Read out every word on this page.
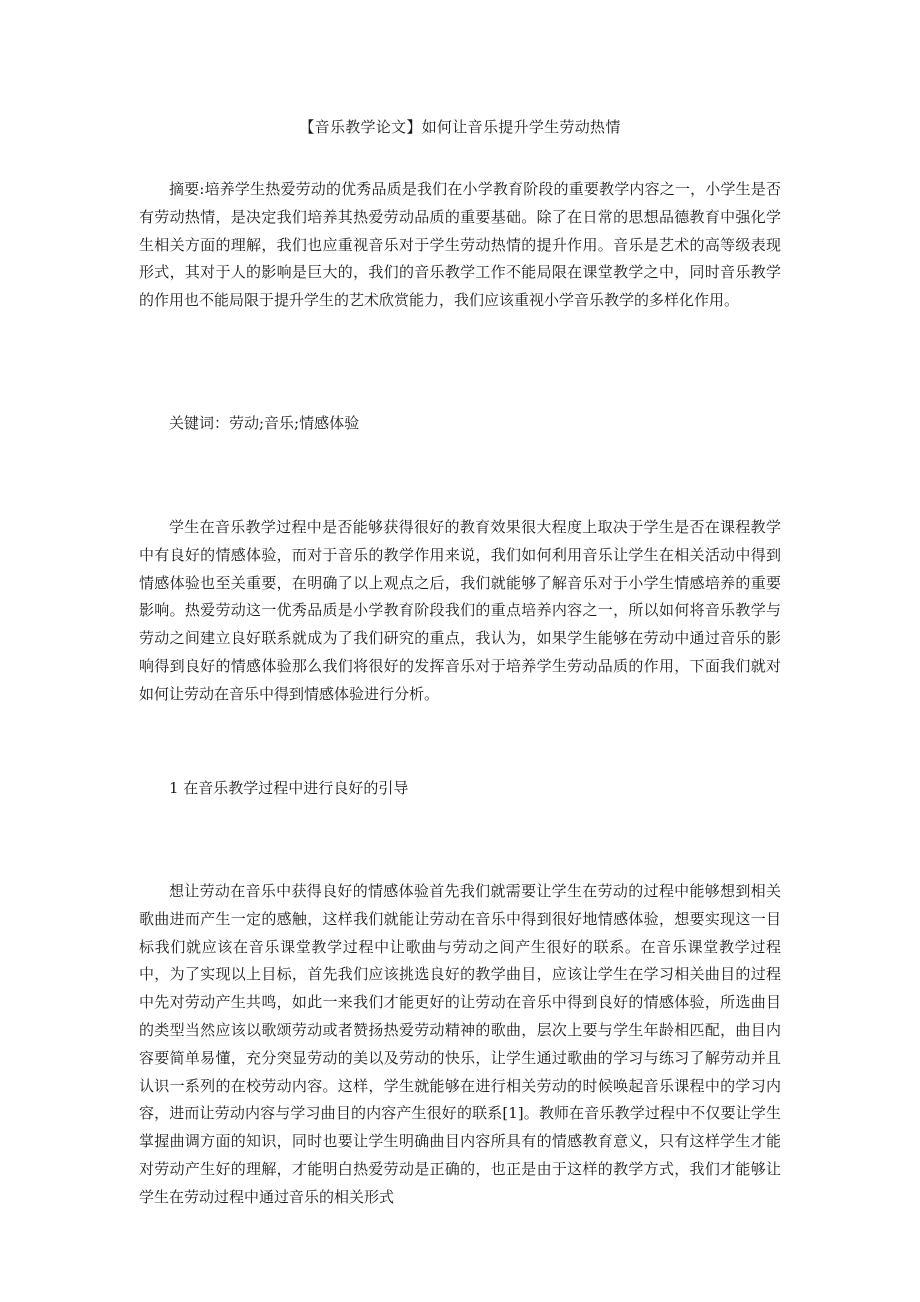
【音乐教学论文】如何让音乐提升学生劳动热情

摘要:培养学生热爱劳动的优秀品质是我们在小学教育阶段的重要教学内容之一，小学生是否有劳动热情，是决定我们培养其热爱劳动品质的重要基础。除了在日常的思想品德教育中强化学生相关方面的理解，我们也应重视音乐对于学生劳动热情的提升作用。音乐是艺术的高等级表现形式，其对于人的影响是巨大的，我们的音乐教学工作不能局限在课堂教学之中，同时音乐教学的作用也不能局限于提升学生的艺术欣赏能力，我们应该重视小学音乐教学的多样化作用。

关键词：劳动;音乐;情感体验

学生在音乐教学过程中是否能够获得很好的教育效果很大程度上取决于学生是否在课程教学中有良好的情感体验，而对于音乐的教学作用来说，我们如何利用音乐让学生在相关活动中得到情感体验也至关重要，在明确了以上观点之后，我们就能够了解音乐对于小学生情感培养的重要影响。热爱劳动这一优秀品质是小学教育阶段我们的重点培养内容之一，所以如何将音乐教学与劳动之间建立良好联系就成为了我们研究的重点，我认为，如果学生能够在劳动中通过音乐的影响得到良好的情感体验那么我们将很好的发挥音乐对于培养学生劳动品质的作用，下面我们就对如何让劳动在音乐中得到情感体验进行分析。

1 在音乐教学过程中进行良好的引导

想让劳动在音乐中获得良好的情感体验首先我们就需要让学生在劳动的过程中能够想到相关歌曲进而产生一定的感触，这样我们就能让劳动在音乐中得到很好地情感体验，想要实现这一目标我们就应该在音乐课堂教学过程中让歌曲与劳动之间产生很好的联系。在音乐课堂教学过程中，为了实现以上目标，首先我们应该挑选良好的教学曲目，应该让学生在学习相关曲目的过程中先对劳动产生共鸣，如此一来我们才能更好的让劳动在音乐中得到良好的情感体验，所选曲目的类型当然应该以歌颂劳动或者赞扬热爱劳动精神的歌曲，层次上要与学生年龄相匹配，曲目内容要简单易懂，充分突显劳动的美以及劳动的快乐，让学生通过歌曲的学习与练习了解劳动并且认识一系列的在校劳动内容。这样，学生就能够在进行相关劳动的时候唤起音乐课程中的学习内容，进而让劳动内容与学习曲目的内容产生很好的联系[1]。教师在音乐教学过程中不仅要让学生掌握曲调方面的知识，同时也要让学生明确曲目内容所具有的情感教育意义，只有这样学生才能对劳动产生好的理解，才能明白热爱劳动是正确的，也正是由于这样的教学方式，我们才能够让学生在劳动过程中通过音乐的相关形式
